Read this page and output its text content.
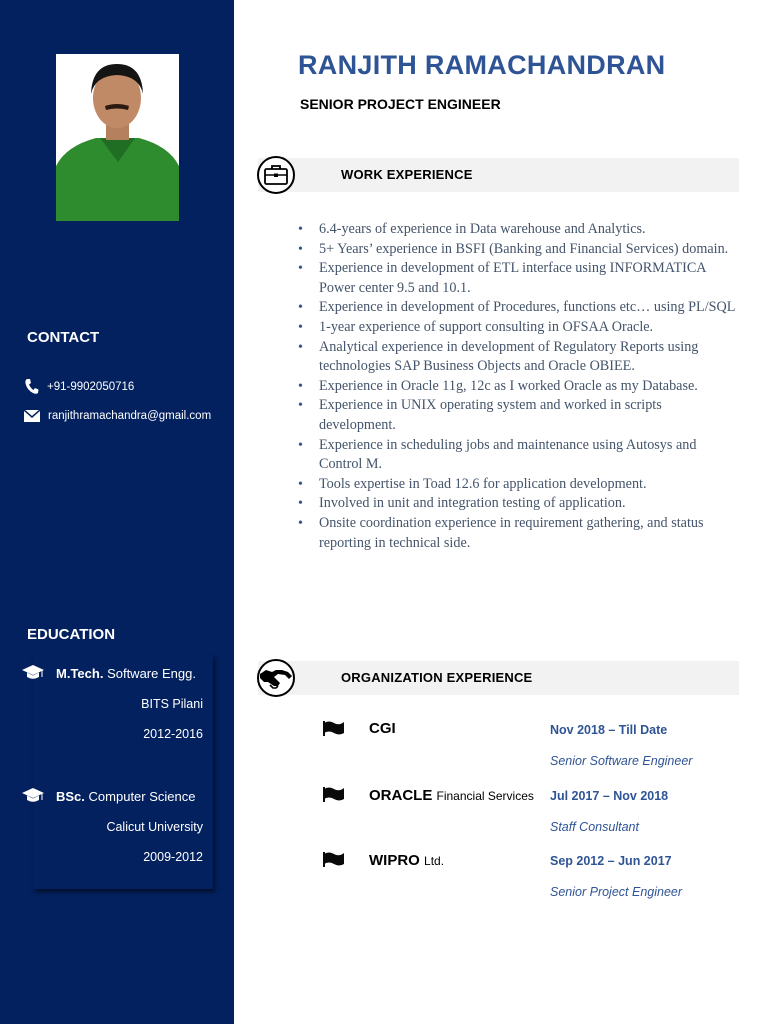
CONTACT
+91-9902050716
ranjithramachandra@gmail.com
EDUCATION
M.Tech. Software Engg.
BITS Pilani
2012-2016
BSc. Computer Science
Calicut University
2009-2012
RANJITH RAMACHANDRAN
SENIOR PROJECT ENGINEER
WORK EXPERIENCE
• 6.4-years of experience in Data warehouse and Analytics.
• 5+ Years’ experience in BSFI (Banking and Financial Services) domain.
• Experience in development of ETL interface using INFORMATICA Power center 9.5 and 10.1.
• Experience in development of Procedures, functions etc… using PL/SQL
• 1-year experience of support consulting in OFSAA Oracle.
• Analytical experience in development of Regulatory Reports using technologies SAP Business Objects and Oracle OBIEE.
• Experience in Oracle 11g, 12c as I worked Oracle as my Database.
• Experience in UNIX operating system and worked in scripts development.
• Experience in scheduling jobs and maintenance using Autosys and Control M.
• Tools expertise in Toad 12.6 for application development.
• Involved in unit and integration testing of application.
• Onsite coordination experience in requirement gathering, and status reporting in technical side.
ORGANIZATION EXPERIENCE
CGI	Nov 2018 – Till Date
Senior Software Engineer
ORACLE Financial Services Jul 2017 – Nov 2018
Staff Consultant
WIPRO Ltd.	Sep 2012 – Jun 2017
Senior Project Engineer
